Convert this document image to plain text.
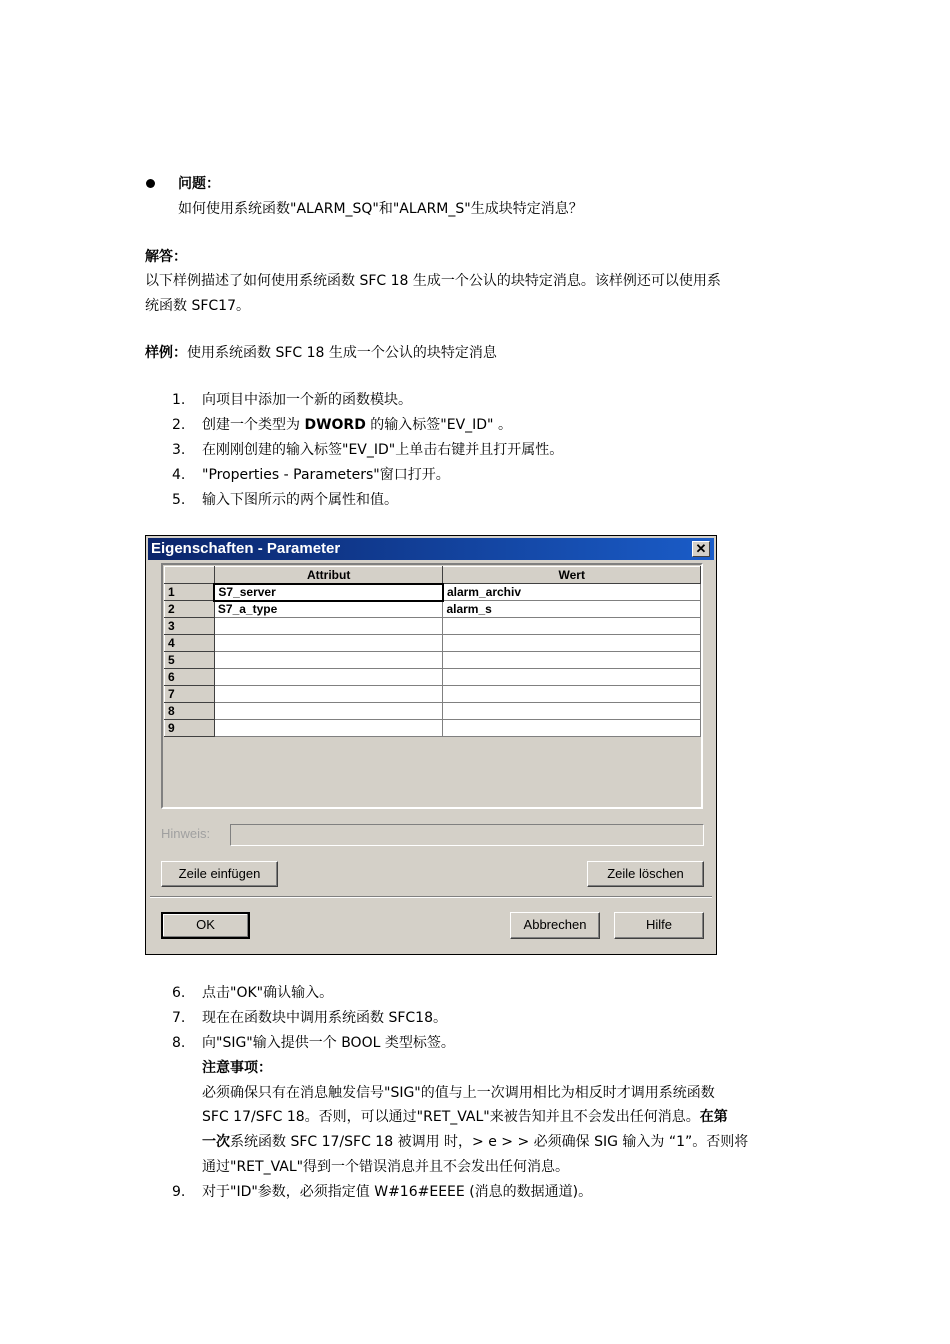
问题：
如何使用系统函数"ALARM_SQ"和"ALARM_S"生成块特定消息？
解答：
以下样例描述了如何使用系统函数 SFC 18 生成一个公认的块特定消息。该样例还可以使用系
统函数 SFC17。
样例：使用系统函数 SFC 18 生成一个公认的块特定消息
1. 向项目中添加一个新的函数模块。
2. 创建一个类型为 DWORD 的输入标签"EV_ID" 。
3. 在刚刚创建的输入标签"EV_ID"上单击右键并且打开属性。
4. "Properties - Parameters"窗口打开。
5. 输入下图所示的两个属性和值。
Eigenschaften - Parameter	✕
	Attribut	Wert
1	S7_server	alarm_archiv
2	S7_a_type	alarm_s
3		
4		
5		
6		
7		
8		
9		
Hinweis:
Zeile einfügen	Zeile löschen
OK	Abbrechen	Hilfe
6. 点击"OK"确认输入。
7. 现在在函数块中调用系统函数 SFC18。
8. 向"SIG"输入提供一个 BOOL 类型标签。
注意事项：
必须确保只有在消息触发信号"SIG"的值与上一次调用相比为相反时才调用系统函数
SFC 17/SFC 18。否则，可以通过"RET_VAL"来被告知并且不会发出任何消息。在第
一次系统函数 SFC 17/SFC 18 被调用 时，> e > > 必须确保 SIG 输入为 “1”。否则将
通过"RET_VAL"得到一个错误消息并且不会发出任何消息。
9. 对于"ID"参数，必须指定值 W#16#EEEE (消息的数据通道)。
